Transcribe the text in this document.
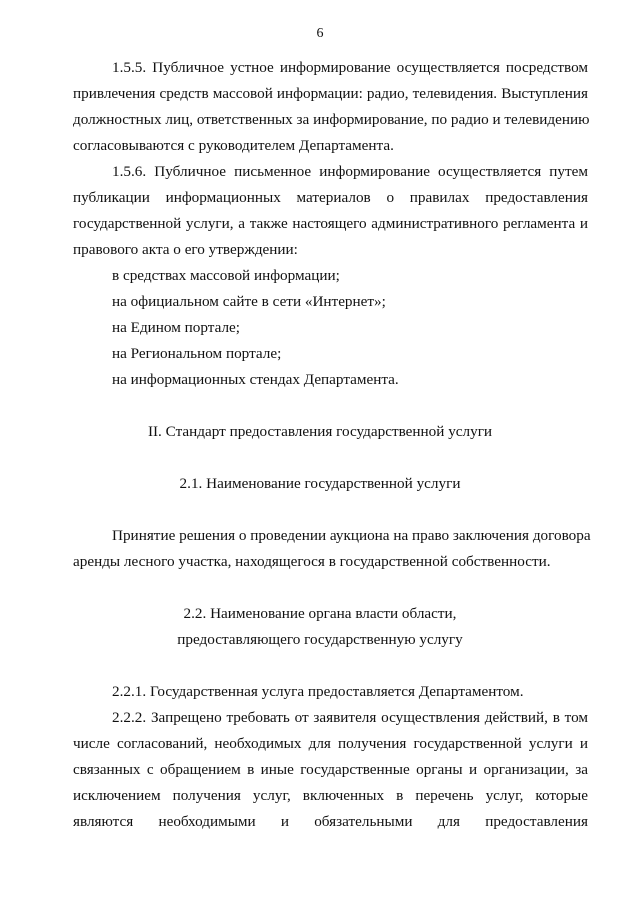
6
1.5.5. Публичное устное информирование осуществляется посредством
привлечения средств массовой информации: радио, телевидения. Выступления
должностных лиц, ответственных за информирование, по радио и телевидению
согласовываются с руководителем Департамента.
1.5.6. Публичное письменное информирование осуществляется путем
публикации информационных материалов о правилах предоставления
государственной услуги, а также настоящего административного регламента и
правового акта о его утверждении:
в средствах массовой информации;
на официальном сайте в сети «Интернет»;
на Едином портале;
на Региональном портале;
на информационных стендах Департамента.
II. Стандарт предоставления государственной услуги
2.1. Наименование государственной услуги
Принятие решения о проведении аукциона на право заключения договора
аренды лесного участка, находящегося в государственной собственности.
2.2. Наименование органа власти области,
предоставляющего государственную услугу
2.2.1. Государственная услуга предоставляется Департаментом.
2.2.2. Запрещено требовать от заявителя осуществления действий, в том
числе согласований, необходимых для получения государственной услуги и
связанных с обращением в иные государственные органы и организации, за
исключением получения услуг, включенных в перечень услуг, которые
являются необходимыми и обязательными для предоставления
